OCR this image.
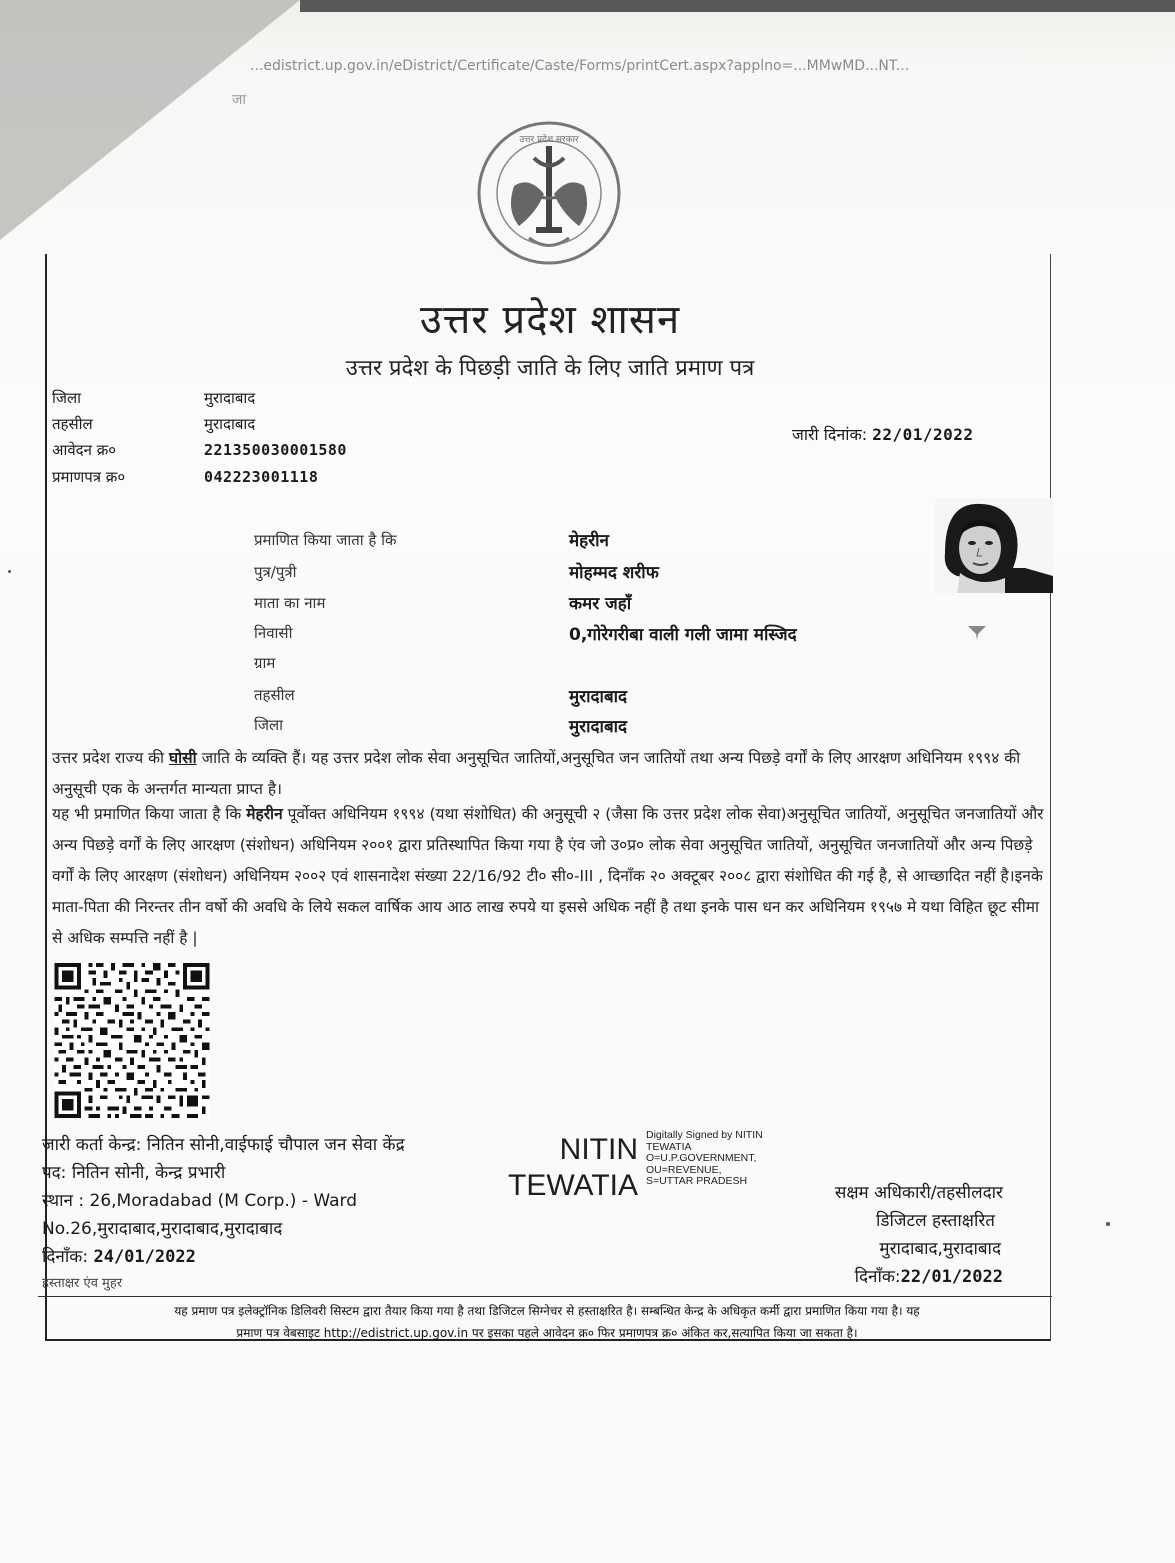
...edistrict.up.gov.in/eDistrict/Certificate/Caste/Forms/printCert.aspx?applno=...MMwMD...NT...
जा
उत्तर प्रदेश सरकार
उत्तर प्रदेश शासन
उत्तर प्रदेश के पिछड़ी जाति के लिए जाति प्रमाण पत्र
जिला	मुरादाबाद
तहसील	मुरादाबाद
आवेदन क्र०	221350030001580
प्रमाणपत्र क्र०	042223001118
जारी दिनांक: 22/01/2022
प्रमाणित किया जाता है कि	मेहरीन
पुत्र/पुत्री	मोहम्मद शरीफ
माता का नाम	कमर जहाँ
निवासी	0,गोरेगरीबा वाली गली जामा मस्जिद
ग्राम
तहसील	मुरादाबाद
जिला	मुरादाबाद
उत्तर प्रदेश राज्य की घोसी जाति के व्यक्ति हैं। यह उत्तर प्रदेश लोक सेवा अनुसूचित जातियों,अनुसूचित जन जातियों तथा अन्य पिछड़े वर्गों के लिए आरक्षण अधिनियम १९९४ की अनुसूची एक के अन्तर्गत मान्यता प्राप्त है।
यह भी प्रमाणित किया जाता है कि मेहरीन पूर्वोक्त अधिनियम १९९४ (यथा संशोधित) की अनुसूची २ (जैसा कि उत्तर प्रदेश लोक सेवा)अनुसूचित जातियों, अनुसूचित जनजातियों और अन्य पिछड़े वर्गों के लिए आरक्षण (संशोधन) अधिनियम २००१ द्वारा प्रतिस्थापित किया गया है एंव जो उ०प्र० लोक सेवा अनुसूचित जातियों, अनुसूचित जनजातियों और अन्य पिछड़े वर्गों के लिए आरक्षण (संशोधन) अधिनियम २००२ एवं शासनादेश संख्या 22/16/92 टी० सी०-III , दिनाँक २० अक्टूबर २००८ द्वारा संशोधित की गई है, से आच्छादित नहीं है।इनके माता-पिता की निरन्तर तीन वर्षो की अवधि के लिये सकल वार्षिक आय आठ लाख रुपये या इससे अधिक नहीं है तथा इनके पास धन कर अधिनियम १९५७ मे यथा विहित छूट सीमा से अधिक सम्पत्ति नहीं है |
जारी कर्ता केन्द्र: नितिन सोनी,वाईफाई चौपाल जन सेवा केंद्र
पद: नितिन सोनी, केन्द्र प्रभारी
स्थान : 26,Moradabad (M Corp.) - Ward
No.26,मुरादाबाद,मुरादाबाद,मुरादाबाद
दिनाँक: 24/01/2022
हस्ताक्षर एंव मुहर
NITIN
TEWATIA
Digitally Signed by NITIN
TEWATIA
O=U.P.GOVERNMENT,
OU=REVENUE,
S=UTTAR PRADESH
सक्षम अधिकारी/तहसीलदार
डिजिटल हस्ताक्षरित
मुरादाबाद,मुरादाबाद
दिनाँक:22/01/2022
यह प्रमाण पत्र इलेक्ट्रॉनिक डिलिवरी सिस्टम द्वारा तैयार किया गया है तथा डिजिटल सिग्नेचर से हस्ताक्षरित है। सम्बन्धित केन्द्र के अधिकृत कर्मी द्वारा प्रमाणित किया गया है। यह
प्रमाण पत्र वेबसाइट http://edistrict.up.gov.in पर इसका पहले आवेदन क्र० फिर प्रमाणपत्र क्र० अंकित कर,सत्यापित किया जा सकता है।
